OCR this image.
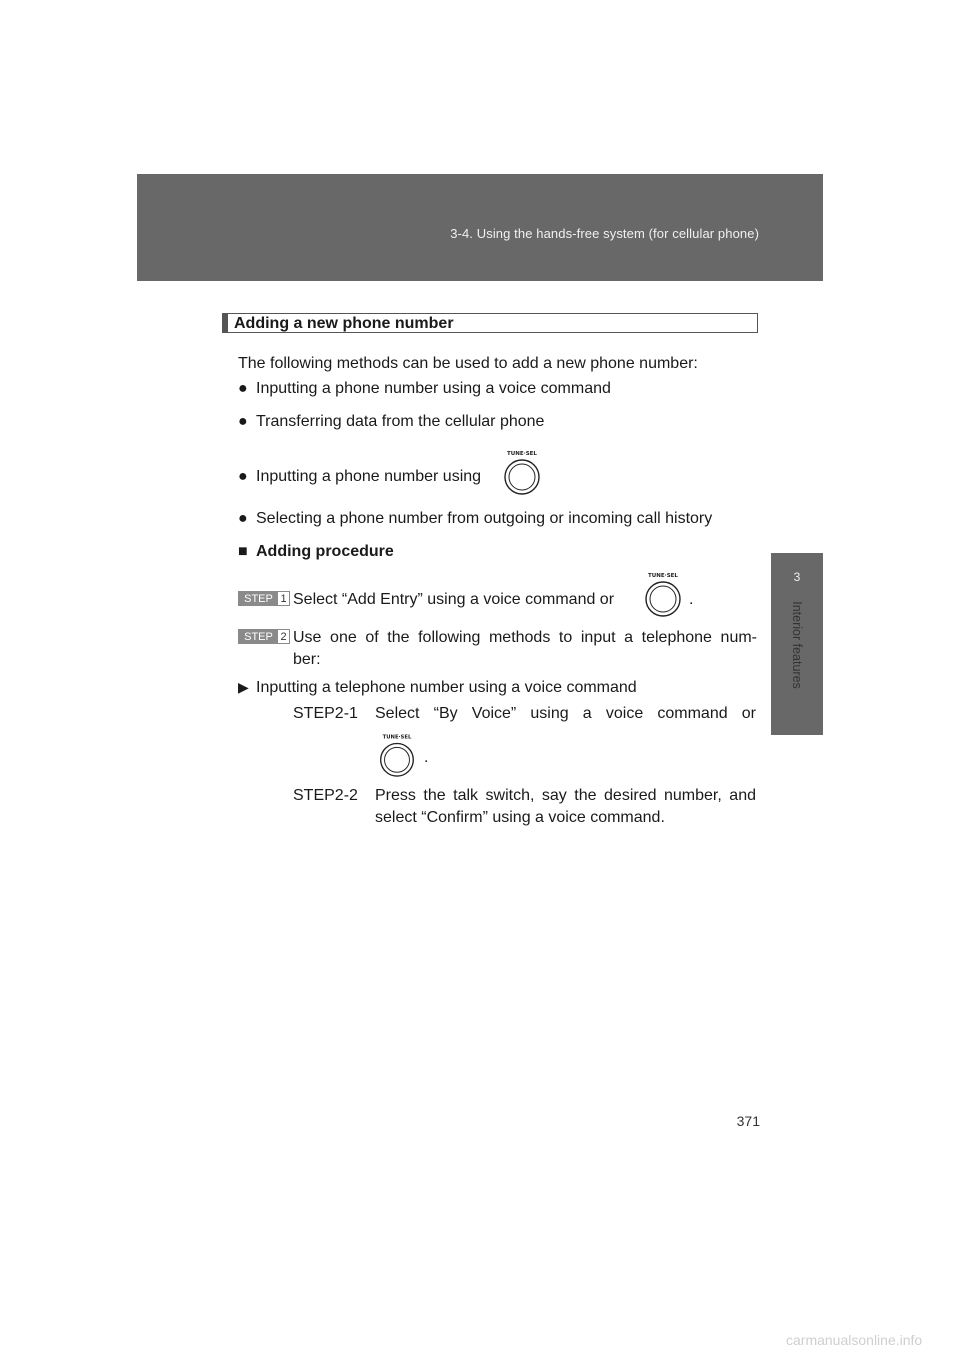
3-4. Using the hands-free system (for cellular phone)
3
Interior features
Adding a new phone number
The following methods can be used to add a new phone number:
● Inputting a phone number using a voice command
● Transferring data from the cellular phone
● Inputting a phone number using
TUNE·SEL
● Selecting a phone number from outgoing or incoming call history
■ Adding procedure
STEP 1 Select “Add Entry” using a voice command or
TUNE·SEL
.
STEP 2 Use one of the following methods to input a telephone num-
ber:
▶ Inputting a telephone number using a voice command
STEP2-1 Select “By Voice” using a voice command or
TUNE·SEL
.
STEP2-2 Press the talk switch, say the desired number, and
select “Confirm” using a voice command.
371
carmanualsonline.info
